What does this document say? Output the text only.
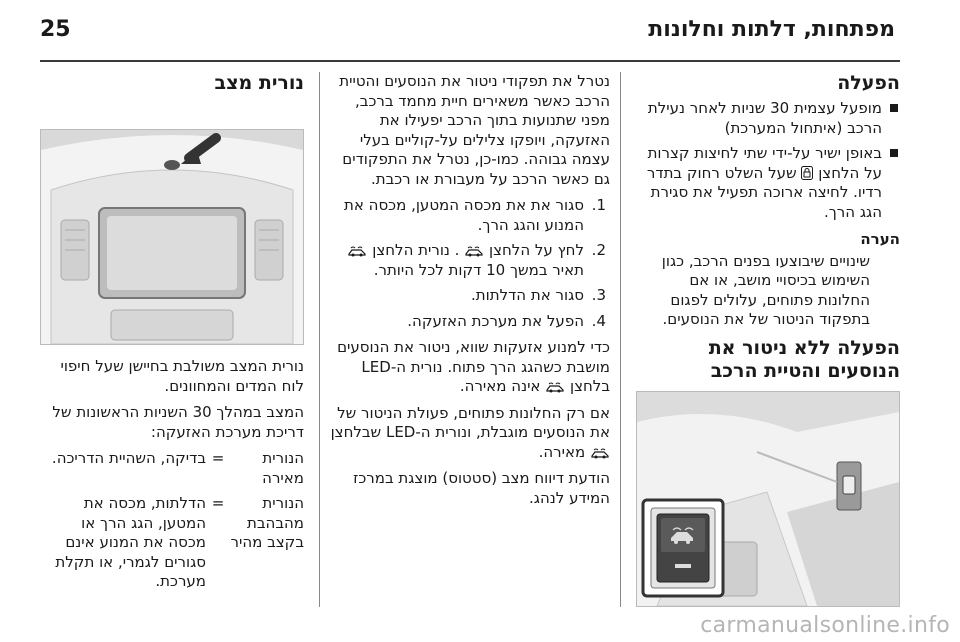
25	מפתחות, דלתות וחלונות
הפעלה
מופעל עצמית 30 שניות לאחר נעילת הרכב (איתחול המערכת)
באופן ישיר על-ידי שתי לחיצות קצרות על הלחצן
שעל השלט רחוק בתדר רדיו. לחיצה ארוכה תפעיל את סגירת הגג הרך.
הערה

שינויים שיבוצעו בפנים הרכב, כגון השימוש בכיסויי מושב, או אם החלונות פתוחים, עלולים לפגום בתפקוד הניטור של את הנוסעים.

הפעלה ללא ניטור את הנוסעים והטיית הרכב

נטרל את תפקודי ניטור את הנוסעים והטיית הרכב כאשר משאירים חיית מחמד ברכב, מפני שתנועות בתוך הרכב יפעילו את האזעקה, ויופקו צלילים על-קוליים בעלי עצמה גבוהה. כמו-כן, נטרל את התפקודים גם כאשר הרכב על מעבורת או רכבת.

1.
סגור את את מכסה המטען, מכסה את המנוע והגג הרך.
2.
לחץ על הלחצן
. נורית הלחצן
תאיר במשך 10 דקות לכל היותר.
3.
סגור את הדלתות.
4.
הפעל את מערכת האזעקה.

כדי למנוע אזעקות שווא, ניטור את הנוסעים מושבת כשהגג הרך פתוח. נורית ה-LED בלחצן
אינה מאירה.

אם רק החלונות פתוחים, פעולת הניטור של את הנוסעים מוגבלת, ונורית ה-LED שבלחצן
מאירה.

הודעת דיווח מצב (סטטוס) מוצגת במרכז המידע לנהג.

נורית מצב

נורית המצב משולבת בחיישן שעל חיפוי לוח המדים והמחוונים.

המצב במהלך 30 השניות הראשונות של דריכת מערכת האזעקה:

הנורית מאירה	=	בדיקה, השהיית הדריכה.
הנורית מהבהבת בקצב מהיר	=	הדלתות, מכסה את המטען, הגג הרך או מכסה את המנוע אינם סגורים לגמרי, או תקלת מערכת.
carmanualsonline.info
